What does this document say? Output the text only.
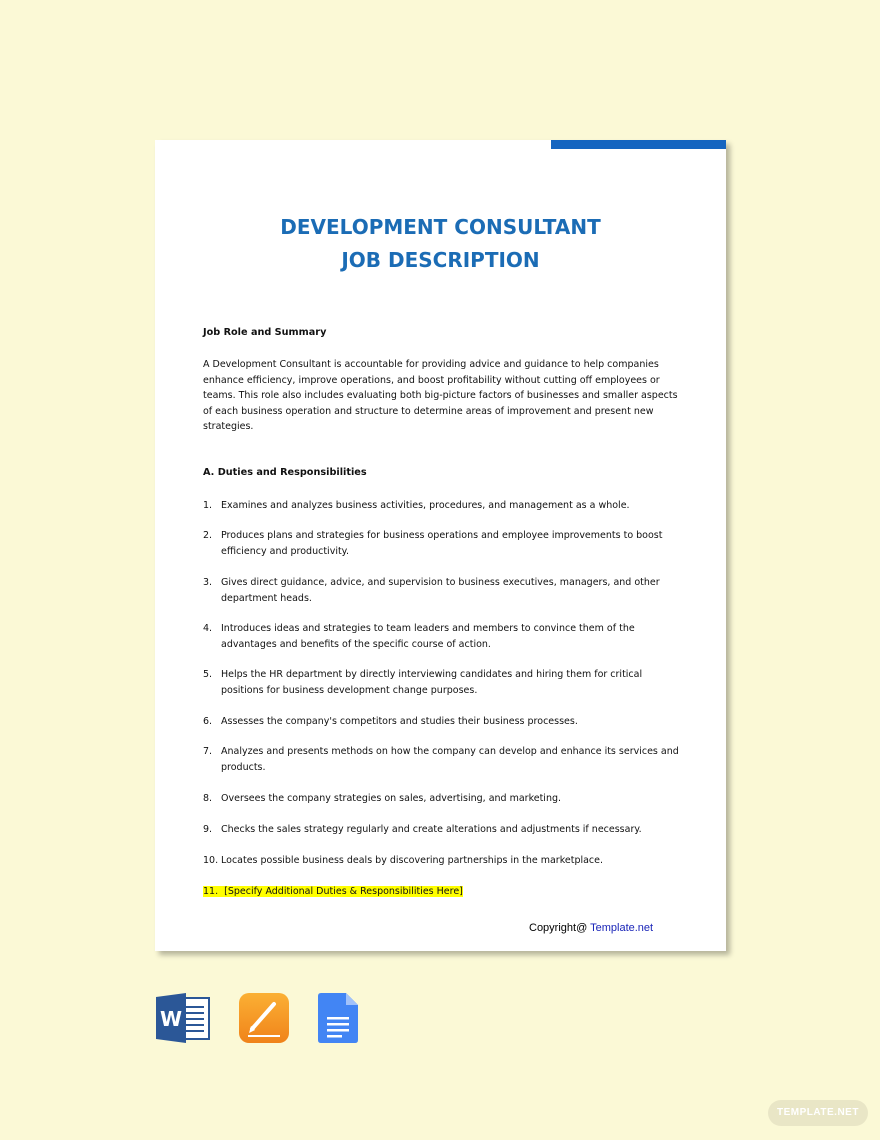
DEVELOPMENT CONSULTANT
JOB DESCRIPTION
Job Role and Summary
A Development Consultant is accountable for providing advice and guidance to help companies
enhance efficiency, improve operations, and boost profitability without cutting off employees or
teams. This role also includes evaluating both big-picture factors of businesses and smaller aspects
of each business operation and structure to determine areas of improvement and present new
strategies.
A. Duties and Responsibilities
1. Examines and analyzes business activities, procedures, and management as a whole.
2. Produces plans and strategies for business operations and employee improvements to boost
efficiency and productivity.
3. Gives direct guidance, advice, and supervision to business executives, managers, and other
department heads.
4. Introduces ideas and strategies to team leaders and members to convince them of the
advantages and benefits of the specific course of action.
5. Helps the HR department by directly interviewing candidates and hiring them for critical
positions for business development change purposes.
6. Assesses the company's competitors and studies their business processes.
7. Analyzes and presents methods on how the company can develop and enhance its services and
products.
8. Oversees the company strategies on sales, advertising, and marketing.
9. Checks the sales strategy regularly and create alterations and adjustments if necessary.
10. Locates possible business deals by discovering partnerships in the marketplace.
11. [Specify Additional Duties & Responsibilities Here]
Copyright@ Template.net
W
TEMPLATE.NET
